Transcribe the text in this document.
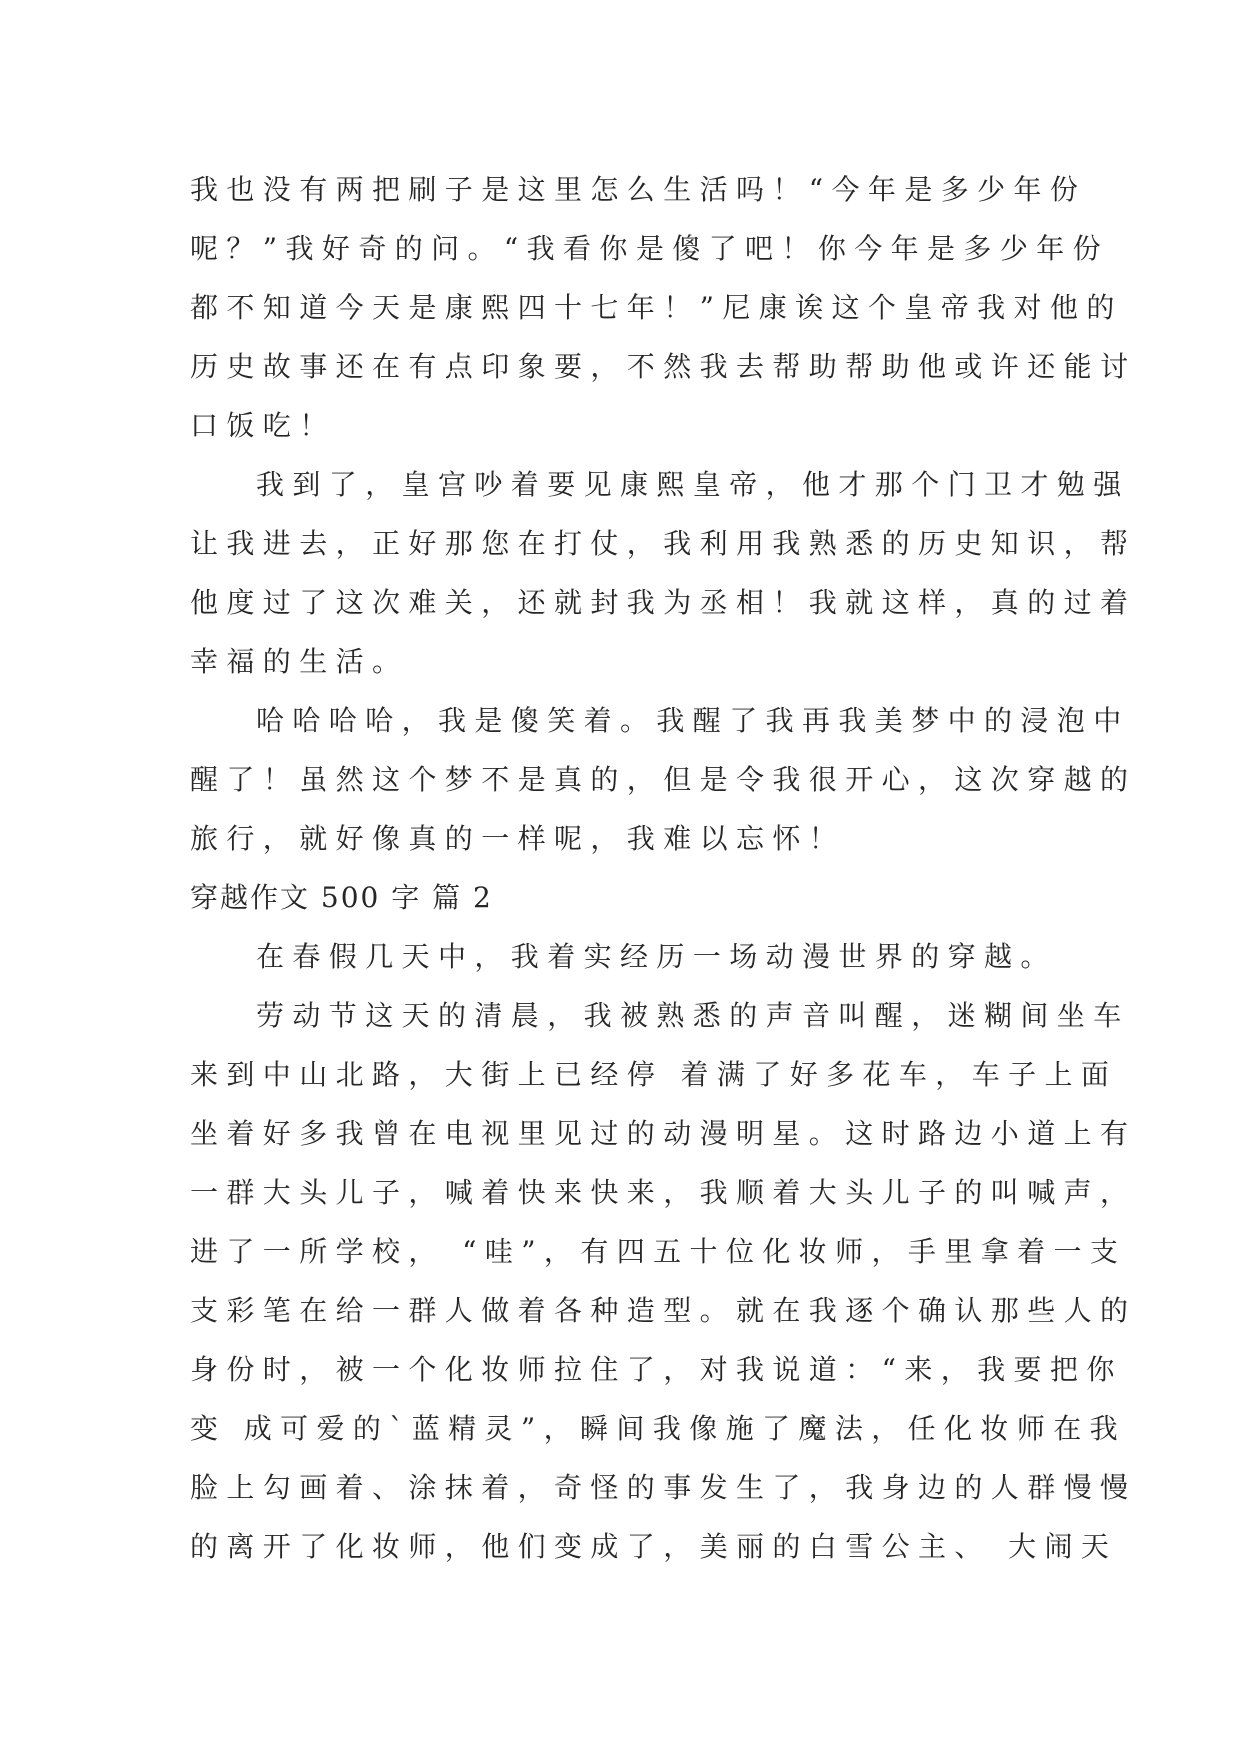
我也没有两把刷子是这里怎么生活吗！“今年是多少年份
呢？”我好奇的问。“我看你是傻了吧！你今年是多少年份
都不知道今天是康熙四十七年！”尼康诶这个皇帝我对他的
历史故事还在有点印象要，不然我去帮助帮助他或许还能讨
口饭吃！
我到了，皇宫吵着要见康熙皇帝，他才那个门卫才勉强
让我进去，正好那您在打仗，我利用我熟悉的历史知识，帮
他度过了这次难关，还就封我为丞相！我就这样，真的过着
幸福的生活。
哈哈哈哈，我是傻笑着。我醒了我再我美梦中的浸泡中
醒了！虽然这个梦不是真的，但是令我很开心，这次穿越的
旅行，就好像真的一样呢，我难以忘怀！
穿越作文 500 字 篇 2
在春假几天中，我着实经历一场动漫世界的穿越。
劳动节这天的清晨，我被熟悉的声音叫醒，迷糊间坐车
来到中山北路，大街上已经停 着满了好多花车，车子上面
坐着好多我曾在电视里见过的动漫明星。这时路边小道上有
一群大头儿子，喊着快来快来，我顺着大头儿子的叫喊声，
进了一所学校， “哇”，有四五十位化妆师，手里拿着一支
支彩笔在给一群人做着各种造型。就在我逐个确认那些人的
身份时，被一个化妆师拉住了，对我说道：“来，我要把你
变 成可爱的`蓝精灵”，瞬间我像施了魔法，任化妆师在我
脸上勾画着、涂抹着，奇怪的事发生了，我身边的人群慢慢
的离开了化妆师，他们变成了，美丽的白雪公主、 大闹天
